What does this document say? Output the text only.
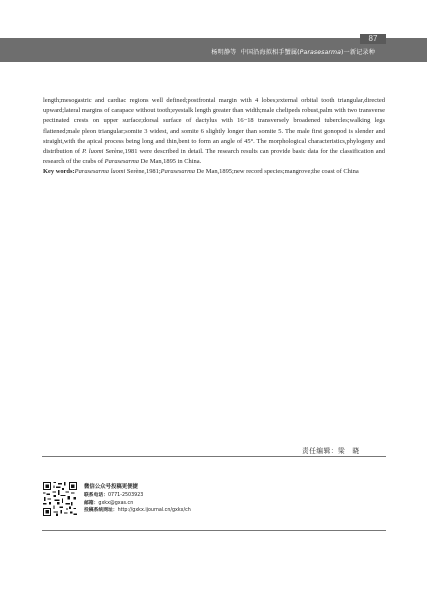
87
杨明静等 中国沿海拟相手蟹属(Parasesarma)一新记录种

length;mesogastric and cardiac regions well defined;postfrontal margin with 4 lobes;external orbital tooth triangular,directed upward;lateral margins of carapace without tooth;eyestalk length greater than width;male chelipeds robust,palm with two transverse pectinated crests on upper surface;dorsal surface of dactylus with 16−18 transversely broadened tubercles;walking legs flattened;male pleon triangular;somite 3 widest, and somite 6 slightly longer than somite 5. The male first gonopod is slender and straight,with the apical process being long and thin,bent to form an angle of 45°. The morphological characteristics,phylogeny and distribution of P. luomi Serène,1981 were described in detail. The research results can provide basic data for the classification and research of the crabs of Parasesarma De Man,1895 in China.

Key words:Parasesarma luomi Serène,1981;Parasesarma De Man,1895;new record species;mangrove;the coast of China

责任编辑：梁　晓
微信公众号投稿更便捷
联系电话：0771-2503923
邮箱：gxkx@gxas.cn
投稿系统网址：http://gxkx.ijournal.cn/gxkx/ch
